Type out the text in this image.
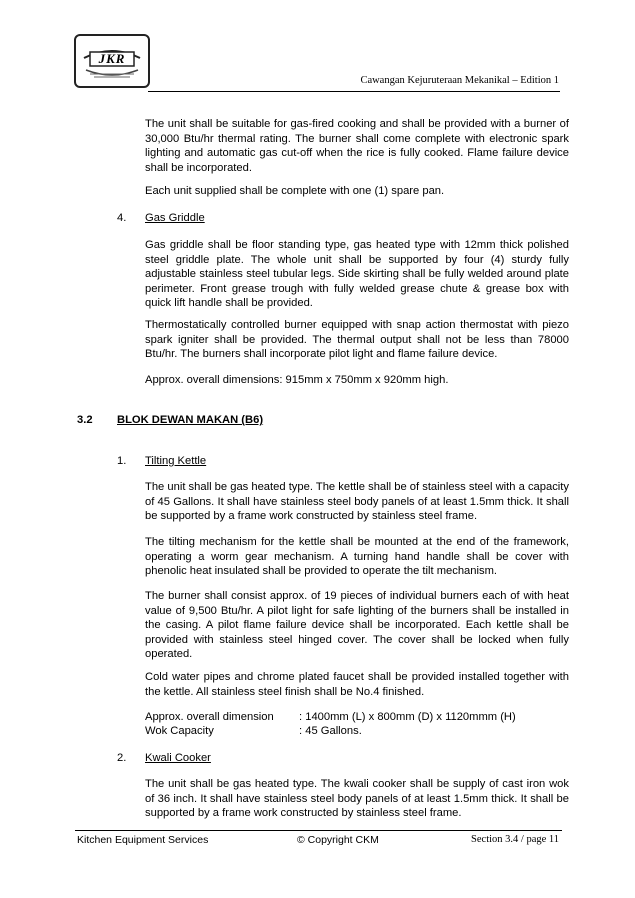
JKR
Cawangan Kejuruteraan Mekanikal – Edition 1

The unit shall be suitable for gas-fired cooking and shall be provided with a burner of 30,000 Btu/hr thermal rating. The burner shall come complete with electronic spark lighting and automatic gas cut-off when the rice is fully cooked. Flame failure device shall be incorporated.

Each unit supplied shall be complete with one (1) spare pan.

4. Gas Griddle

Gas griddle shall be floor standing type, gas heated type with 12mm thick polished steel griddle plate. The whole unit shall be supported by four (4) sturdy fully adjustable stainless steel tubular legs. Side skirting shall be fully welded around plate perimeter. Front grease trough with fully welded grease chute & grease box with quick lift handle shall be provided.

Thermostatically controlled burner equipped with snap action thermostat with piezo spark igniter shall be provided. The thermal output shall not be less than 78000 Btu/hr. The burners shall incorporate pilot light and flame failure device.

Approx. overall dimensions: 915mm x 750mm x 920mm high.

3.2 BLOK DEWAN MAKAN (B6)
1. Tilting Kettle

The unit shall be gas heated type. The kettle shall be of stainless steel with a capacity of 45 Gallons. It shall have stainless steel body panels of at least 1.5mm thick. It shall be supported by a frame work constructed by stainless steel frame.

The tilting mechanism for the kettle shall be mounted at the end of the framework, operating a worm gear mechanism. A turning hand handle shall be cover with phenolic heat insulated shall be provided to operate the tilt mechanism.

The burner shall consist approx. of 19 pieces of individual burners each of with heat value of 9,500 Btu/hr. A pilot light for safe lighting of the burners shall be installed in the casing. A pilot flame failure device shall be incorporated. Each kettle shall be provided with stainless steel hinged cover. The cover shall be locked when fully operated.

Cold water pipes and chrome plated faucet shall be provided installed together with the kettle. All stainless steel finish shall be No.4 finished.

Approx. overall dimension : 1400mm (L) x 800mm (D) x 1120mmm (H)
Wok Capacity	: 45 Gallons.
2. Kwali Cooker

The unit shall be gas heated type. The kwali cooker shall be supply of cast iron wok of 36 inch. It shall have stainless steel body panels of at least 1.5mm thick. It shall be supported by a frame work constructed by stainless steel frame.

Kitchen Equipment Services	© Copyright CKM	Section 3.4 / page 11
